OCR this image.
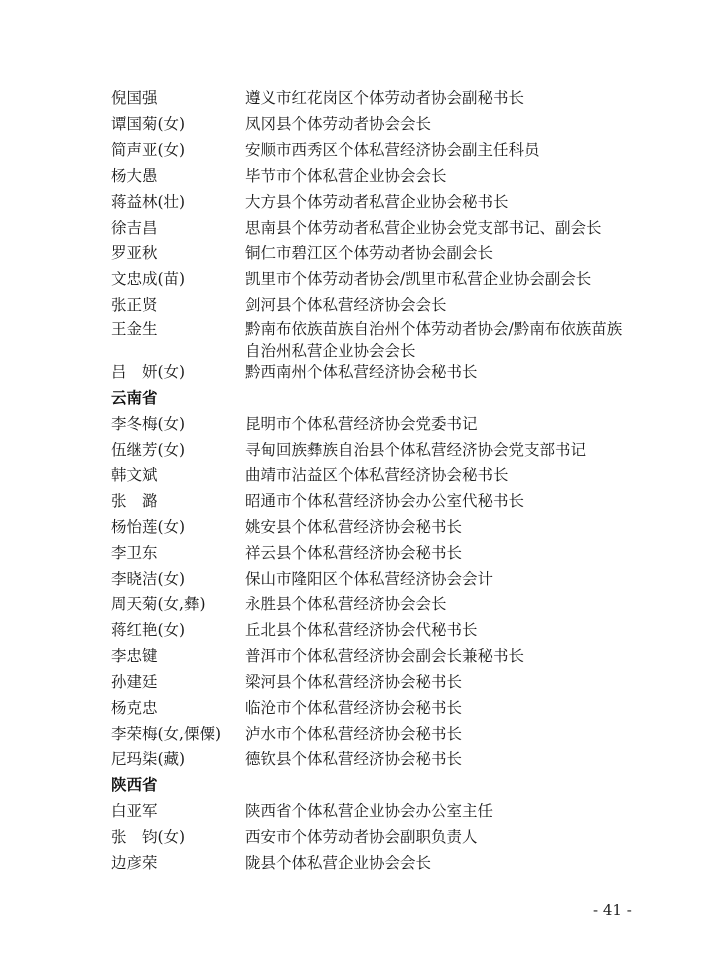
倪国强	遵义市红花岗区个体劳动者协会副秘书长
谭国菊(女)	凤冈县个体劳动者协会会长
简声亚(女)	安顺市西秀区个体私营经济协会副主任科员
杨大愚	毕节市个体私营企业协会会长
蒋益林(壮)	大方县个体劳动者私营企业协会秘书长
徐吉昌	思南县个体劳动者私营企业协会党支部书记、副会长
罗亚秋	铜仁市碧江区个体劳动者协会副会长
文忠成(苗)	凯里市个体劳动者协会/凯里市私营企业协会副会长
张正贤	剑河县个体私营经济协会会长
王金生	黔南布依族苗族自治州个体劳动者协会/黔南布依族苗族自治州私营企业协会会长
吕　妍(女)	黔西南州个体私营经济协会秘书长
云南省
李冬梅(女)	昆明市个体私营经济协会党委书记
伍继芳(女)	寻甸回族彝族自治县个体私营经济协会党支部书记
韩文斌	曲靖市沾益区个体私营经济协会秘书长
张　潞	昭通市个体私营经济协会办公室代秘书长
杨怡莲(女)	姚安县个体私营经济协会秘书长
李卫东	祥云县个体私营经济协会秘书长
李晓洁(女)	保山市隆阳区个体私营经济协会会计
周天菊(女,彝)	永胜县个体私营经济协会会长
蒋红艳(女)	丘北县个体私营经济协会代秘书长
李忠键	普洱市个体私营经济协会副会长兼秘书长
孙建廷	梁河县个体私营经济协会秘书长
杨克忠	临沧市个体私营经济协会秘书长
李荣梅(女,傈僳)	泸水市个体私营经济协会秘书长
尼玛柒(藏)	德钦县个体私营经济协会秘书长
陕西省
白亚军	陕西省个体私营企业协会办公室主任
张　钧(女)	西安市个体劳动者协会副职负责人
边彦荣	陇县个体私营企业协会会长
- 41 -
